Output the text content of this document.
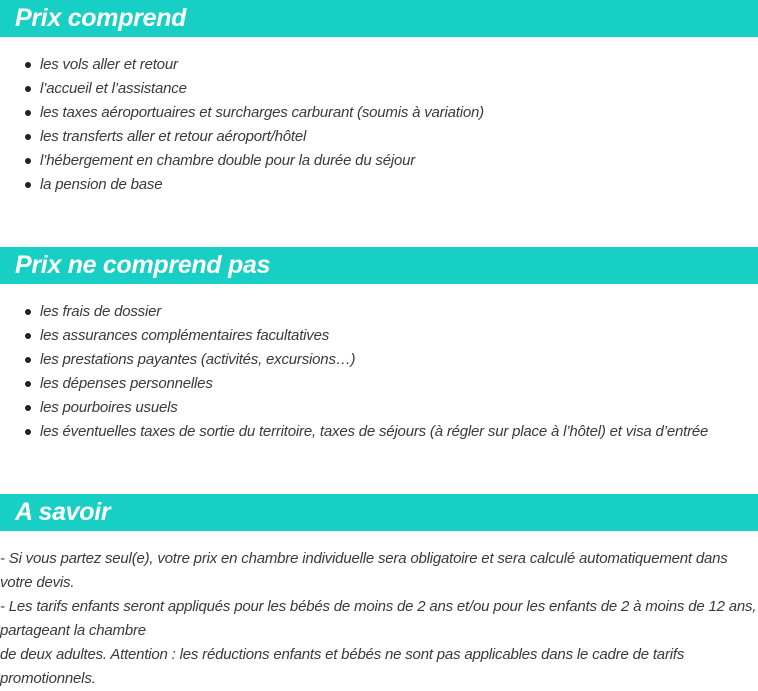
Prix comprend
les vols aller et retour
l’accueil et l’assistance
les taxes aéroportuaires et surcharges carburant (soumis à variation)
les transferts aller et retour aéroport/hôtel
l’hébergement en chambre double pour la durée du séjour
la pension de base
Prix ne comprend pas
les frais de dossier
les assurances complémentaires facultatives
les prestations payantes (activités, excursions…)
les dépenses personnelles
les pourboires usuels
les éventuelles taxes de sortie du territoire, taxes de séjours (à régler sur place à l’hôtel) et visa d’entrée
A savoir

- Si vous partez seul(e), votre prix en chambre individuelle sera obligatoire et sera calculé automatiquement dans votre devis.

- Les tarifs enfants seront appliqués pour les bébés de moins de 2 ans et/ou pour les enfants de 2 à moins de 12 ans, partageant la chambre

de deux adultes. Attention : les réductions enfants et bébés ne sont pas applicables dans le cadre de tarifs promotionnels.
